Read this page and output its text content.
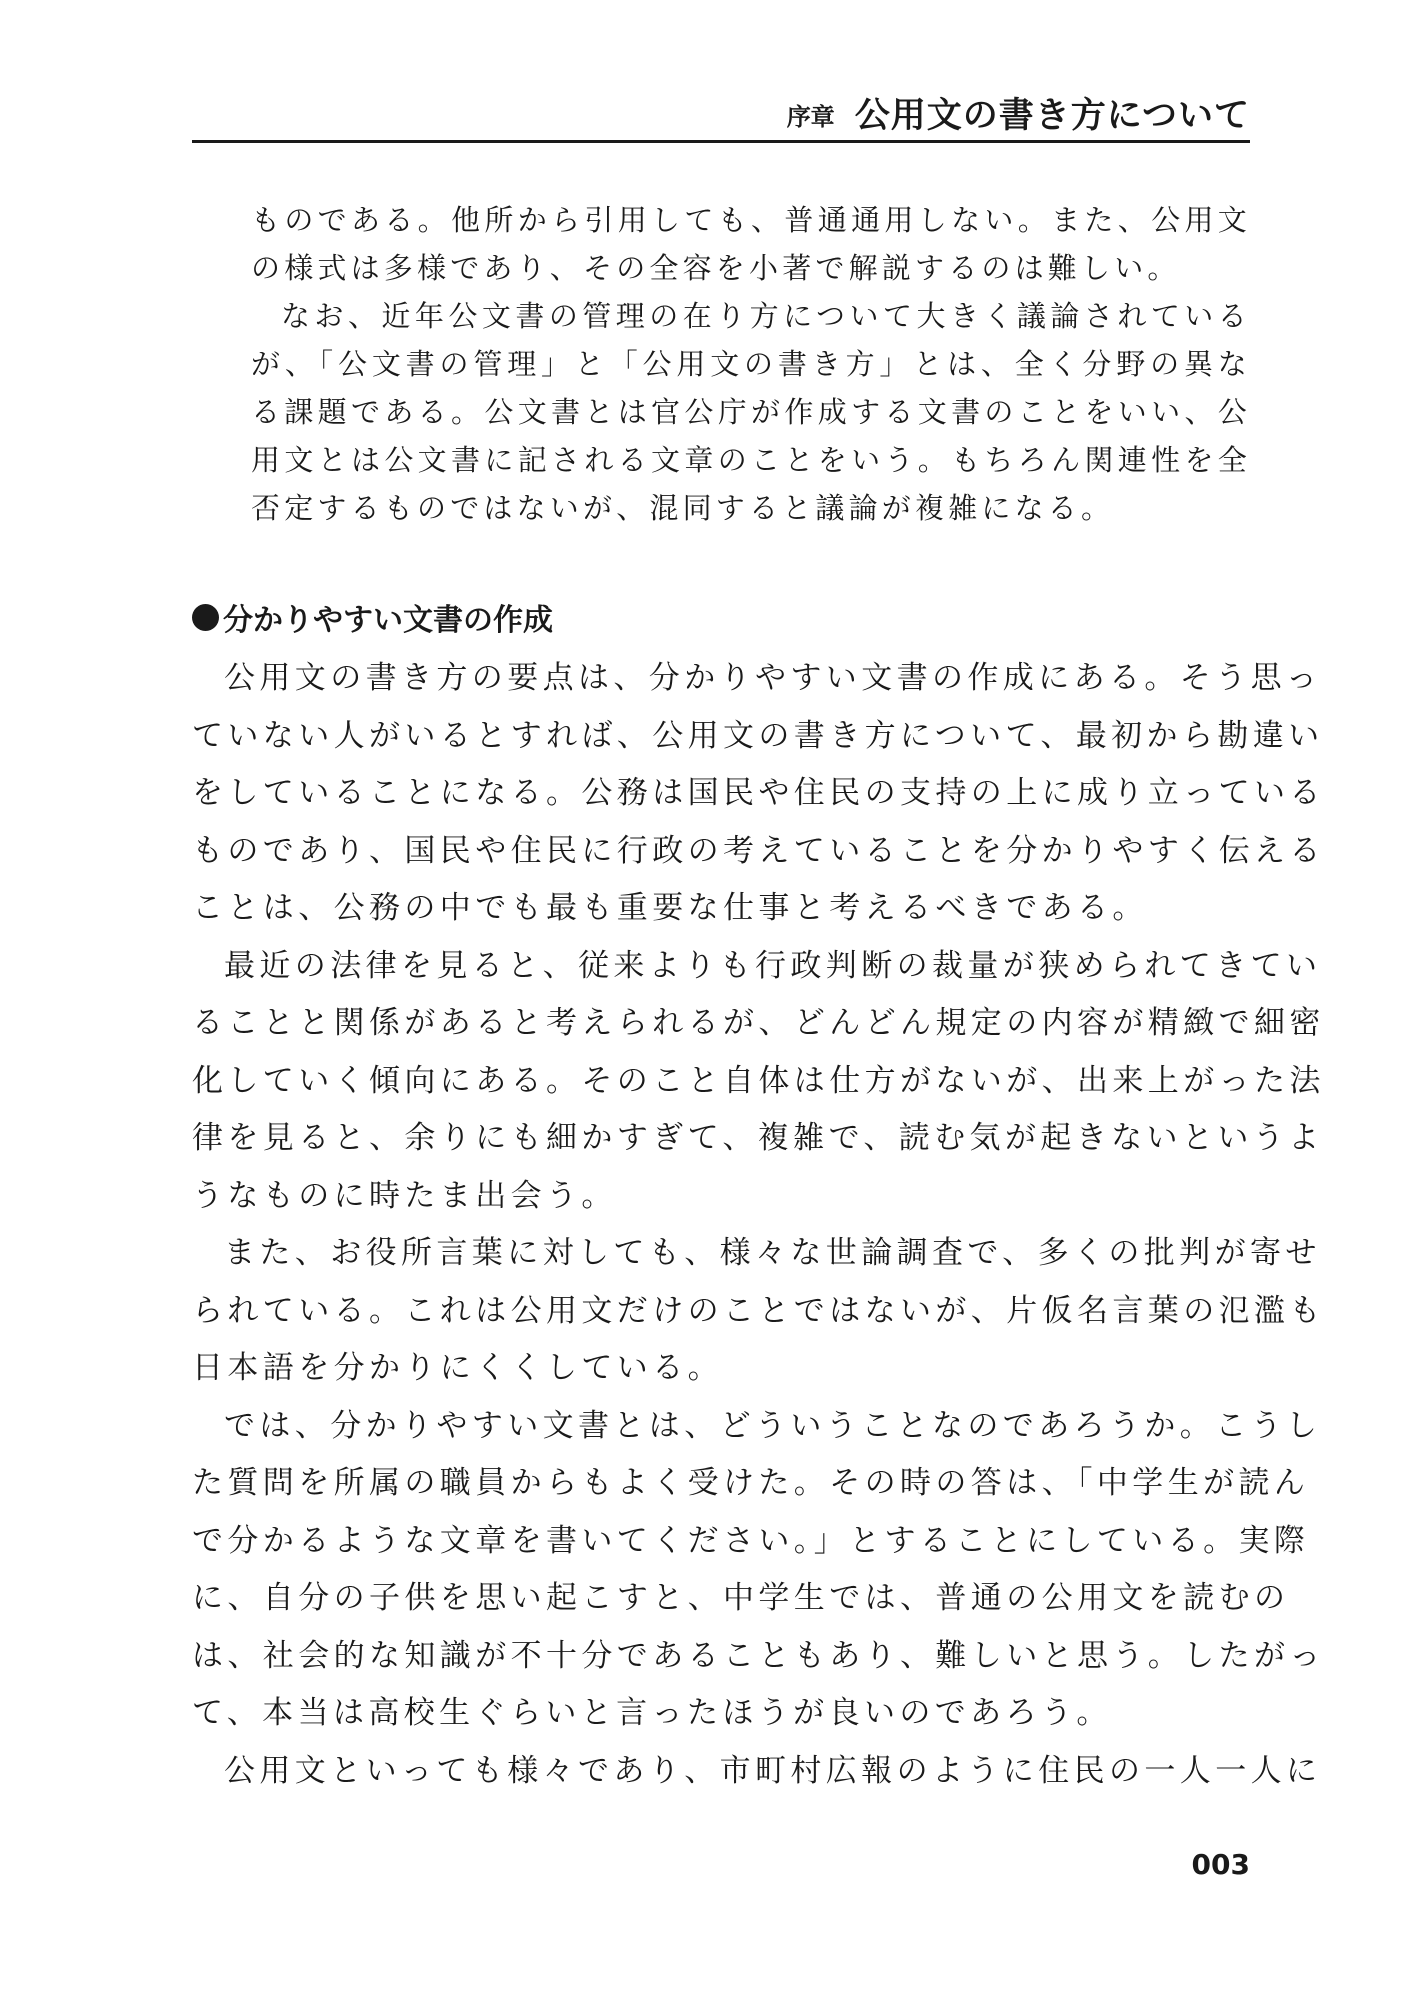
序章 公用文の書き方について

ものである。他所から引用しても、普通通用しない。また、公用文の様式は多様であり、その全容を小著で解説するのは難しい。

なお、近年公文書の管理の在り方について大きく議論されているが、「公文書の管理」と「公用文の書き方」とは、全く分野の異なる課題である。公文書とは官公庁が作成する文書のことをいい、公用文とは公文書に記される文章のことをいう。もちろん関連性を全否定するものではないが、混同すると議論が複雑になる。

分かりやすい文書の作成
公用文の書き方の要点は、分かりやすい文書の作成にある。そう思っ
ていない人がいるとすれば、公用文の書き方について、最初から勘違い
をしていることになる。公務は国民や住民の支持の上に成り立っている
ものであり、国民や住民に行政の考えていることを分かりやすく伝える
ことは、公務の中でも最も重要な仕事と考えるべきである。
最近の法律を見ると、従来よりも行政判断の裁量が狭められてきてい
ることと関係があると考えられるが、どんどん規定の内容が精緻で細密
化していく傾向にある。そのこと自体は仕方がないが、出来上がった法
律を見ると、余りにも細かすぎて、複雑で、読む気が起きないというよ
うなものに時たま出会う。
また、お役所言葉に対しても、様々な世論調査で、多くの批判が寄せ
られている。これは公用文だけのことではないが、片仮名言葉の氾濫も
日本語を分かりにくくしている。
では、分かりやすい文書とは、どういうことなのであろうか。こうし
た質問を所属の職員からもよく受けた。その時の答は、「中学生が読ん
で分かるような文章を書いてください。」とすることにしている。実際
に、自分の子供を思い起こすと、中学生では、普通の公用文を読むの
は、社会的な知識が不十分であることもあり、難しいと思う。したがっ
て、本当は高校生ぐらいと言ったほうが良いのであろう。
公用文といっても様々であり、市町村広報のように住民の一人一人に
003
